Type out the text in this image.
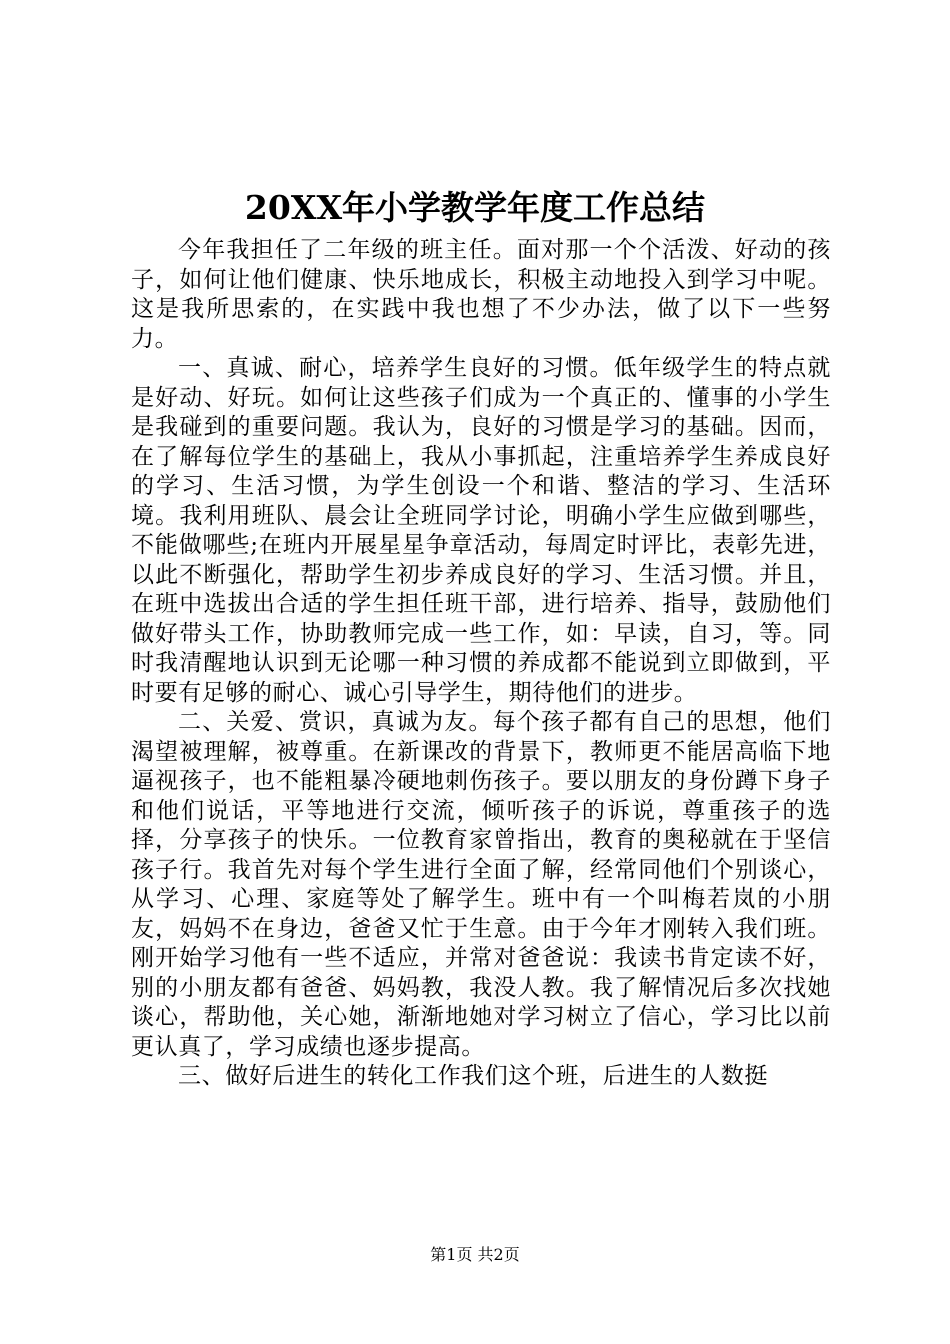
20XX年小学教学年度工作总结

今年我担任了二年级的班主任。面对那一个个活泼、好动的孩子，如何让他们健康、快乐地成长，积极主动地投入到学习中呢。这是我所思索的，在实践中我也想了不少办法，做了以下一些努力。

一、真诚、耐心，培养学生良好的习惯。低年级学生的特点就是好动、好玩。如何让这些孩子们成为一个真正的、懂事的小学生是我碰到的重要问题。我认为，良好的习惯是学习的基础。因而，在了解每位学生的基础上，我从小事抓起，注重培养学生养成良好的学习、生活习惯，为学生创设一个和谐、整洁的学习、生活环境。我利用班队、晨会让全班同学讨论，明确小学生应做到哪些，不能做哪些;在班内开展星星争章活动，每周定时评比，表彰先进，以此不断强化，帮助学生初步养成良好的学习、生活习惯。并且，在班中选拔出合适的学生担任班干部，进行培养、指导，鼓励他们做好带头工作，协助教师完成一些工作，如：早读，自习，等。同时我清醒地认识到无论哪一种习惯的养成都不能说到立即做到，平时要有足够的耐心、诚心引导学生，期待他们的进步。

二、关爱、赏识，真诚为友。每个孩子都有自己的思想，他们渴望被理解，被尊重。在新课改的背景下，教师更不能居高临下地逼视孩子，也不能粗暴冷硬地刺伤孩子。要以朋友的身份蹲下身子和他们说话，平等地进行交流，倾听孩子的诉说，尊重孩子的选择，分享孩子的快乐。一位教育家曾指出，教育的奥秘就在于坚信孩子行。我首先对每个学生进行全面了解，经常同他们个别谈心，从学习、心理、家庭等处了解学生。班中有一个叫梅若岚的小朋友，妈妈不在身边，爸爸又忙于生意。由于今年才刚转入我们班。刚开始学习他有一些不适应，并常对爸爸说：我读书肯定读不好，别的小朋友都有爸爸、妈妈教，我没人教。我了解情况后多次找她谈心，帮助他，关心她，渐渐地她对学习树立了信心，学习比以前更认真了，学习成绩也逐步提高。

三、做好后进生的转化工作我们这个班，后进生的人数挺

第1页 共2页
